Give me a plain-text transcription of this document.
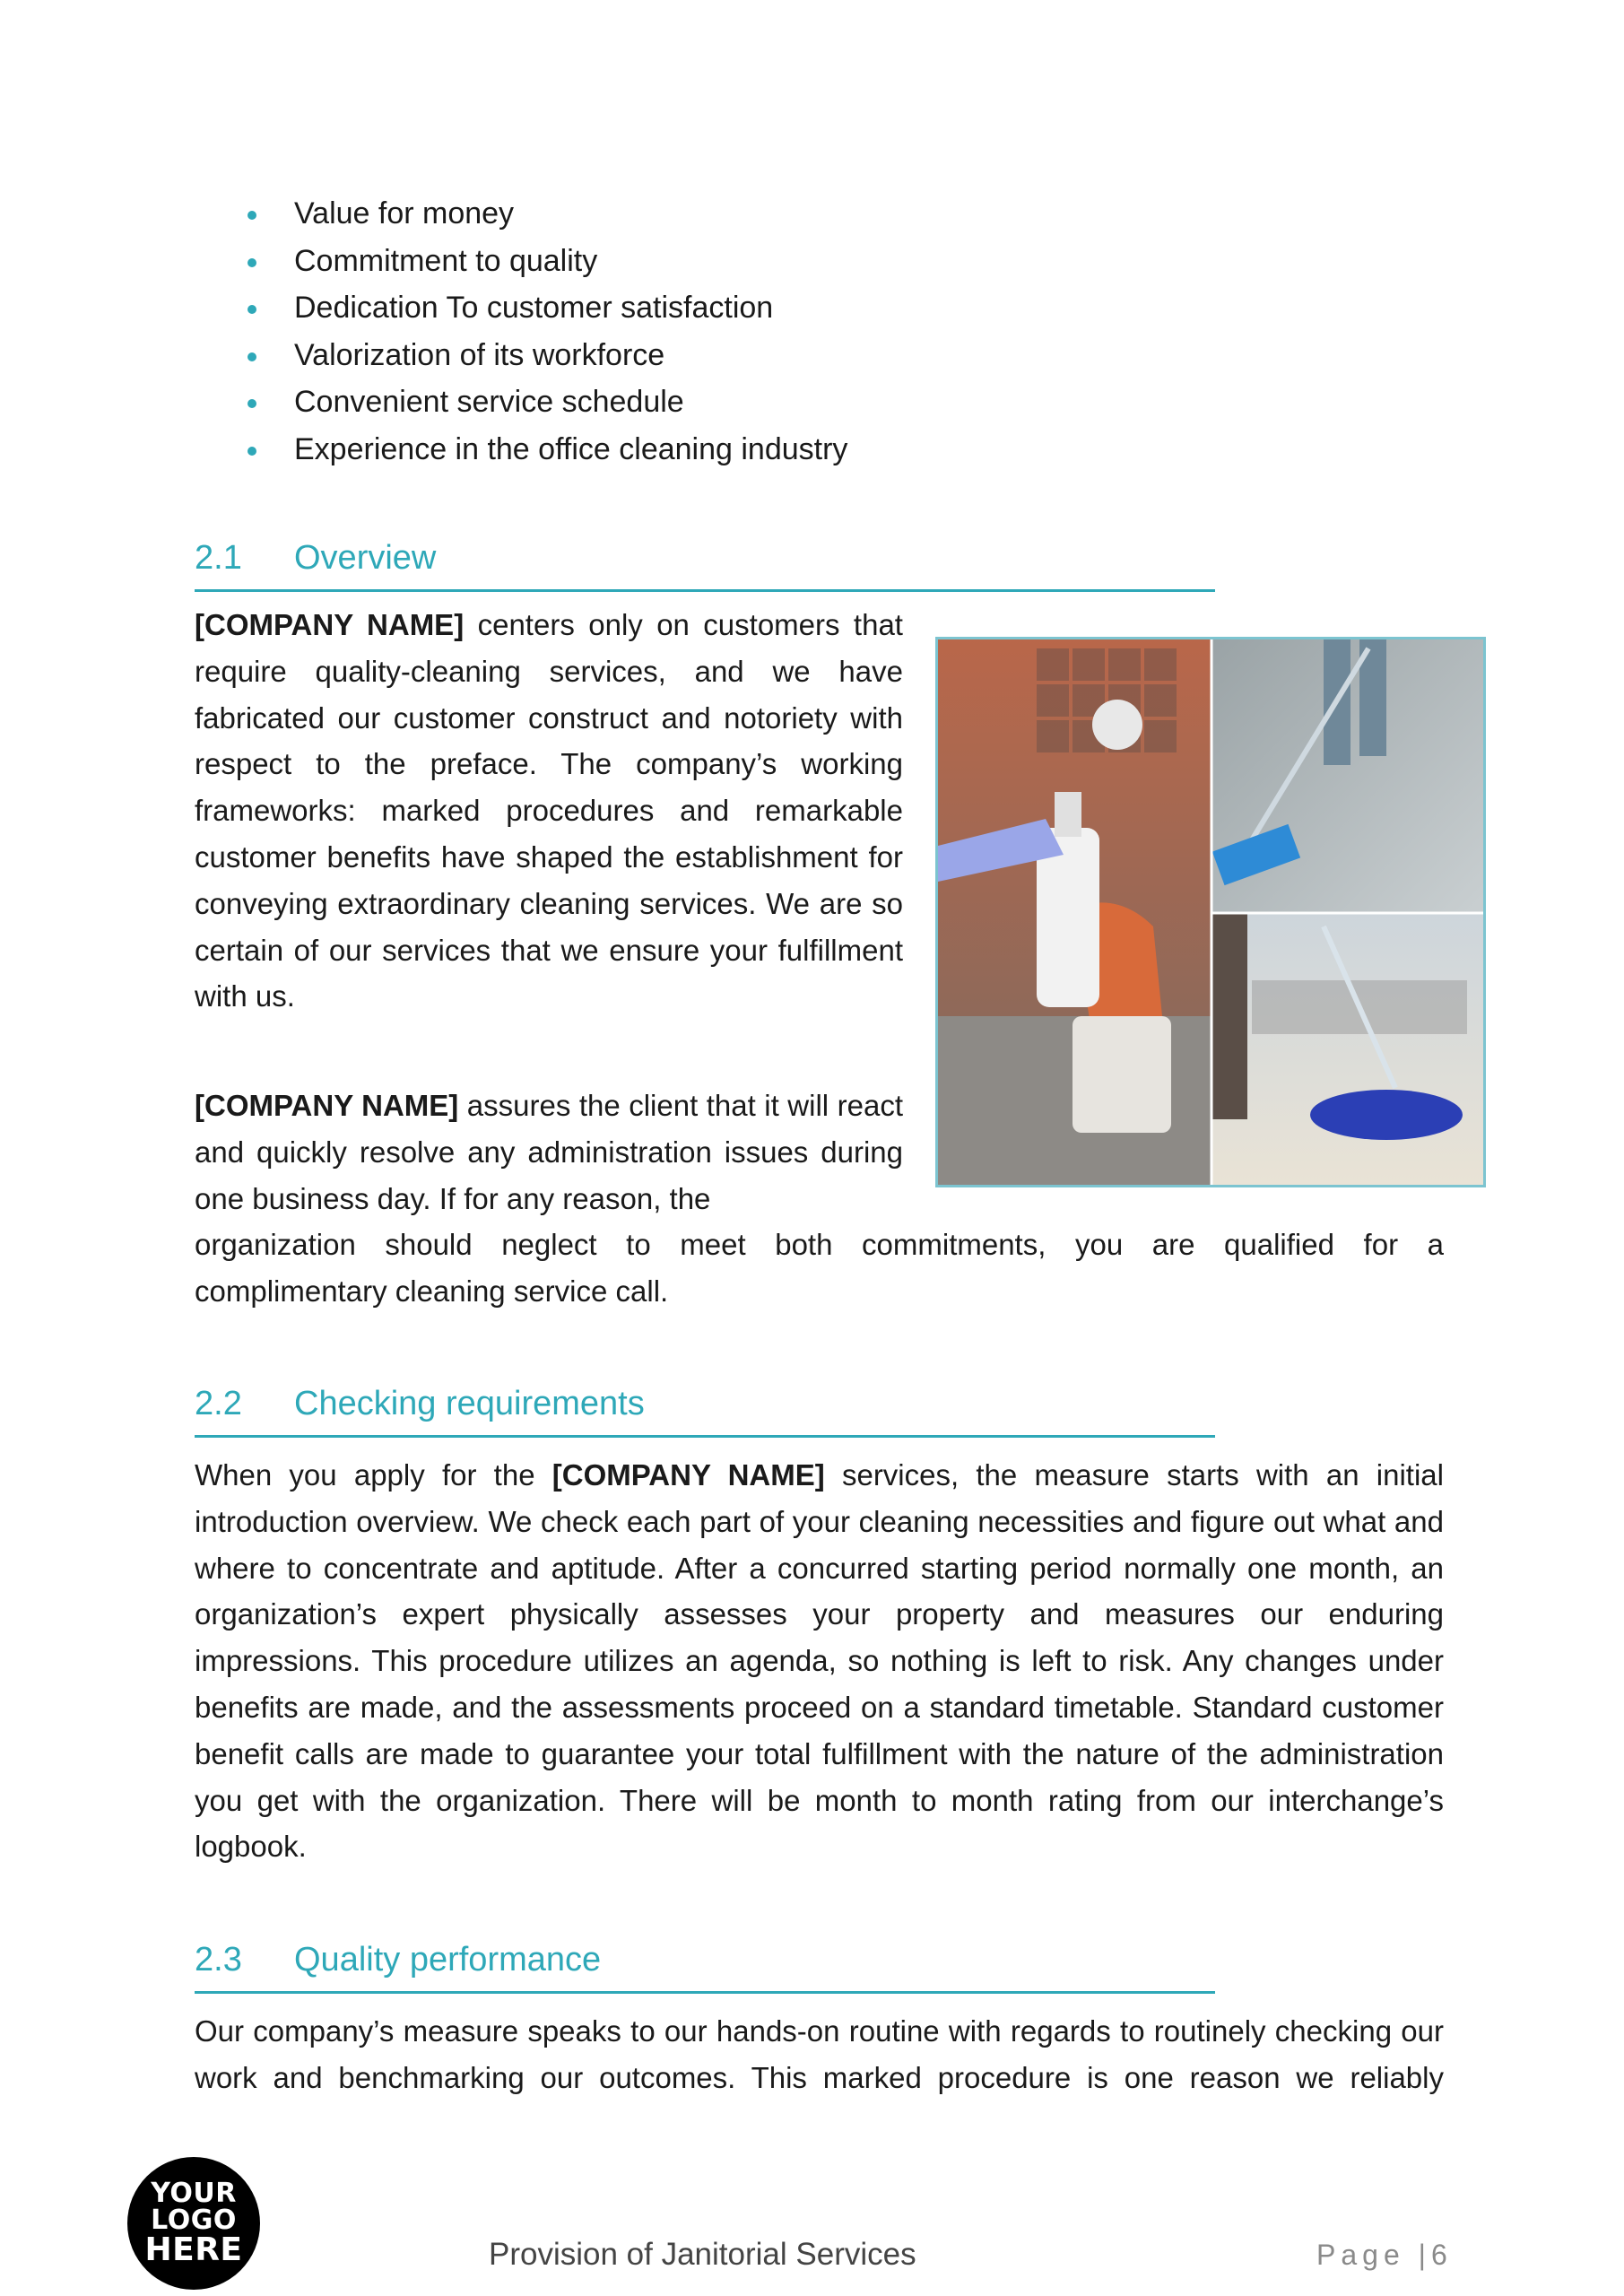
Value for money
Commitment to quality
Dedication To customer satisfaction
Valorization of its workforce
Convenient service schedule
Experience in the office cleaning industry
2.1 Overview

[COMPANY NAME] centers only on customers that require quality-cleaning services, and we have fabricated our customer construct and notoriety with respect to the preface. The company’s working frameworks: marked procedures and remarkable customer benefits have shaped the establishment for conveying extraordinary cleaning services. We are so certain of our services that we ensure your fulfillment with us.

[COMPANY NAME] assures the client that it will react and quickly resolve any administration issues during one business day. If for any reason, the

organization should neglect to meet both commitments, you are qualified for a

complimentary cleaning service call.

2.2 Checking requirements

When you apply for the [COMPANY NAME] services, the measure starts with an initial introduction overview. We check each part of your cleaning necessities and figure out what and where to concentrate and aptitude. After a concurred starting period normally one month, an organization’s expert physically assesses your property and measures our enduring impressions. This procedure utilizes an agenda, so nothing is left to risk. Any changes under benefits are made, and the assessments proceed on a standard timetable. Standard customer benefit calls are made to guarantee your total fulfillment with the nature of the administration you get with the organization. There will be month to month rating from our interchange’s logbook.

2.3 Quality performance

Our company’s measure speaks to our hands-on routine with regards to routinely checking our work and benchmarking our outcomes. This marked procedure is one reason we reliably

YOUR
LOGO
HERE	Provision of Janitorial Services	Page |6
